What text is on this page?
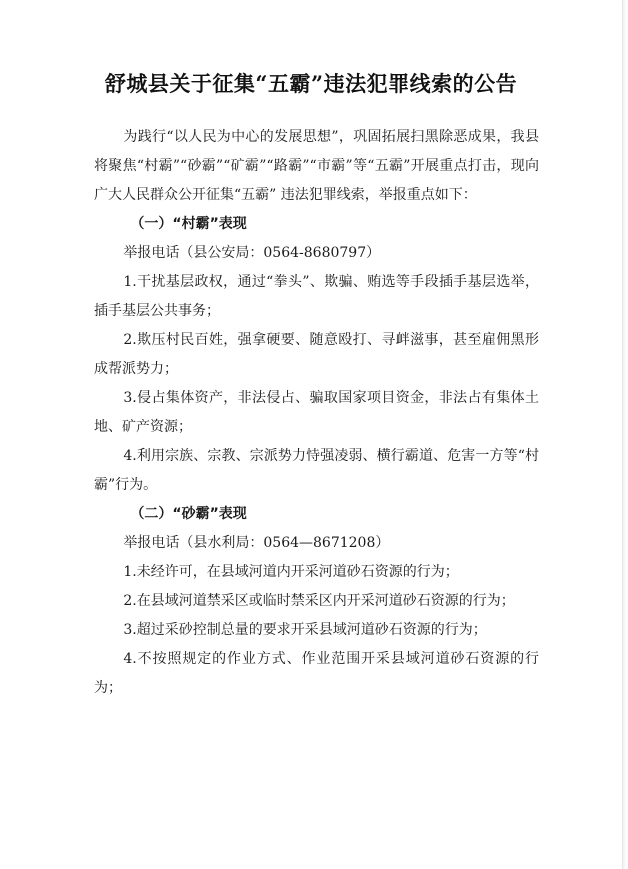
舒城县关于征集“五霸”违法犯罪线索的公告

为践行“以人民为中心的发展思想”，巩固拓展扫黑除恶成果，我县将聚焦“村霸”“砂霸”“矿霸”“路霸”“市霸”等“五霸”开展重点打击，现向广大人民群众公开征集“五霸” 违法犯罪线索，举报重点如下：

（一）“村霸”表现

举报电话（县公安局：0564-8680797）

1.干扰基层政权，通过“拳头”、欺骗、贿选等手段插手基层选举，插手基层公共事务；

2.欺压村民百姓，强拿硬要、随意殴打、寻衅滋事，甚至雇佣黑形成帮派势力；

3.侵占集体资产，非法侵占、骗取国家项目资金，非法占有集体土地、矿产资源；

4.利用宗族、宗教、宗派势力恃强凌弱、横行霸道、危害一方等“村霸”行为。

（二）“砂霸”表现

举报电话（县水利局：0564—8671208）

1.未经许可，在县域河道内开采河道砂石资源的行为；

2.在县域河道禁采区或临时禁采区内开采河道砂石资源的行为；

3.超过采砂控制总量的要求开采县域河道砂石资源的行为；

4.不按照规定的作业方式、作业范围开采县域河道砂石资源的行为；
